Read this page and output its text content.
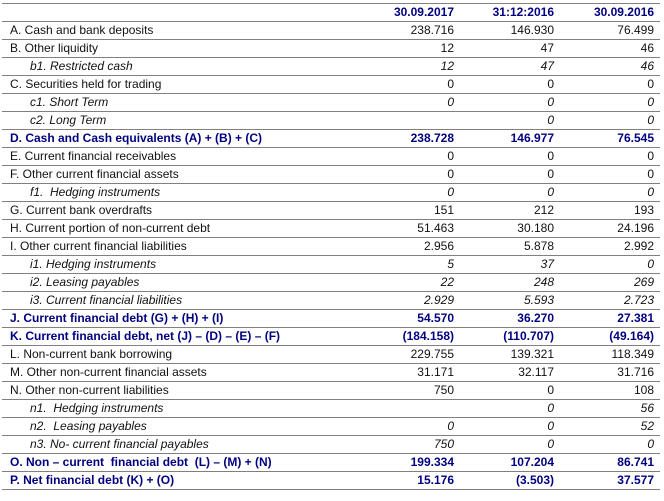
	30.09.2017	31:12:2016	30.09.2016
A. Cash and bank deposits	238.716	146.930	76.499
B. Other liquidity	12	47	46
b1. Restricted cash	12	47	46
C. Securities held for trading	0	0	0
c1. Short Term	0	0	0
c2. Long Term		0	0
D. Cash and Cash equivalents (A) + (B) + (C)	238.728	146.977	76.545
E. Current financial receivables	0	0	0
F. Other current financial assets	0	0	0
f1.  Hedging instruments	0	0	0
G. Current bank overdrafts	151	212	193
H. Current portion of non-current debt	51.463	30.180	24.196
I. Other current financial liabilities	2.956	5.878	2.992
i1. Hedging instruments	5	37	0
i2. Leasing payables	22	248	269
i3. Current financial liabilities	2.929	5.593	2.723
J. Current financial debt (G) + (H) + (I)	54.570	36.270	27.381
K. Current financial debt, net (J) – (D) – (E) – (F)	(184.158)	(110.707)	(49.164)
L. Non-current bank borrowing	229.755	139.321	118.349
M. Other non-current financial assets	31.171	32.117	31.716
N. Other non-current liabilities	750	0	108
n1.  Hedging instruments		0	56
n2.  Leasing payables	0	0	52
n3. No- current financial payables	750	0	0
O. Non – current  financial debt  (L) – (M) + (N)	199.334	107.204	86.741
P. Net financial debt (K) + (O)	15.176	(3.503)	37.577
